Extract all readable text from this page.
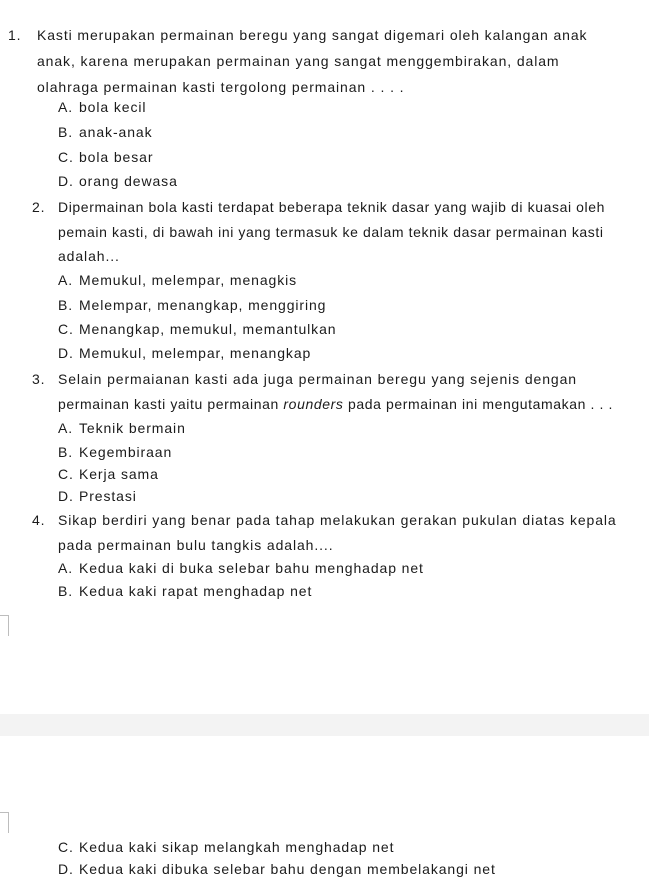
1. Kasti merupakan permainan beregu yang sangat digemari oleh kalangan anak
anak, karena merupakan permainan yang sangat menggembirakan, dalam
olahraga permainan kasti tergolong permainan . . . .
A. bola kecil
B. anak-anak
C. bola besar
D. orang dewasa
2. Dipermainan bola kasti terdapat beberapa teknik dasar yang wajib di kuasai oleh
pemain kasti, di bawah ini yang termasuk ke dalam teknik dasar permainan kasti
adalah...
A. Memukul, melempar, menagkis
B. Melempar, menangkap, menggiring
C. Menangkap, memukul, memantulkan
D. Memukul, melempar, menangkap
3. Selain permaianan kasti ada juga permainan beregu yang sejenis dengan
permainan kasti yaitu permainan rounders pada permainan ini mengutamakan . . .
A. Teknik bermain
B. Kegembiraan
C. Kerja sama
D. Prestasi
4. Sikap berdiri yang benar pada tahap melakukan gerakan pukulan diatas kepala
pada permainan bulu tangkis adalah....
A. Kedua kaki di buka selebar bahu menghadap net
B. Kedua kaki rapat menghadap net
C. Kedua kaki sikap melangkah menghadap net
D. Kedua kaki dibuka selebar bahu dengan membelakangi net
